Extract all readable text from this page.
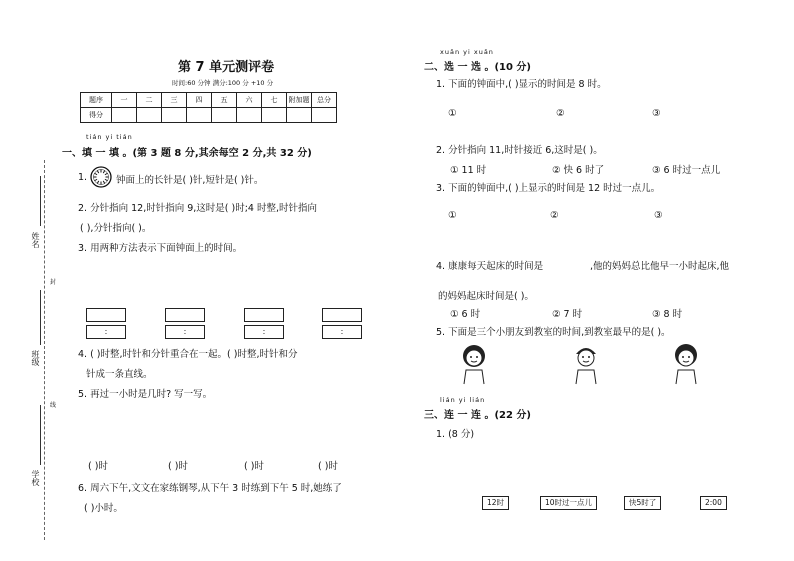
姓名
班级
学校
封
线
第 7 单元测评卷
时间:60 分钟 满分:100 分 +10 分
题序	一	二	三	四	五	六	七	附加题	总分
得分									
tián yi tián
一、填 一 填 。(第 3 题 8 分,其余每空 2 分,共 32 分)
1.	钟面上的长针是( )针,短针是( )针。
2. 分针指向 12,时针指向 9,这时是( )时;4 时整,时针指向
( ),分针指向( )。
3. 用两种方法表示下面钟面上的时间。
:	:	:	:
4. ( )时整,时针和分针重合在一起。( )时整,时针和分
针成一条直线。
5. 再过一小时是几时? 写一写。
( )时	( )时	( )时	( )时
6. 周六下午,文文在家练钢琴,从下午 3 时练到下午 5 时,她练了
( )小时。
xuǎn yi xuǎn
二、选 一 选 。(10 分)
1. 下面的钟面中,( )显示的时间是 8 时。
①	②	③
2. 分针指向 11,时针接近 6,这时是( )。
① 11 时	② 快 6 时了	③ 6 时过一点儿
3. 下面的钟面中,( )上显示的时间是 12 时过一点儿。
①	②	③
4. 康康每天起床的时间是	,他的妈妈总比他早一小时起床,他
的妈妈起床时间是( )。
① 6 时	② 7 时	③ 8 时
5. 下面是三个小朋友到教室的时间,到教室最早的是( )。
lián yi lián
三、连 一 连 。(22 分)
1. (8 分)
12时	10时过一点儿	快5时了	2:00
